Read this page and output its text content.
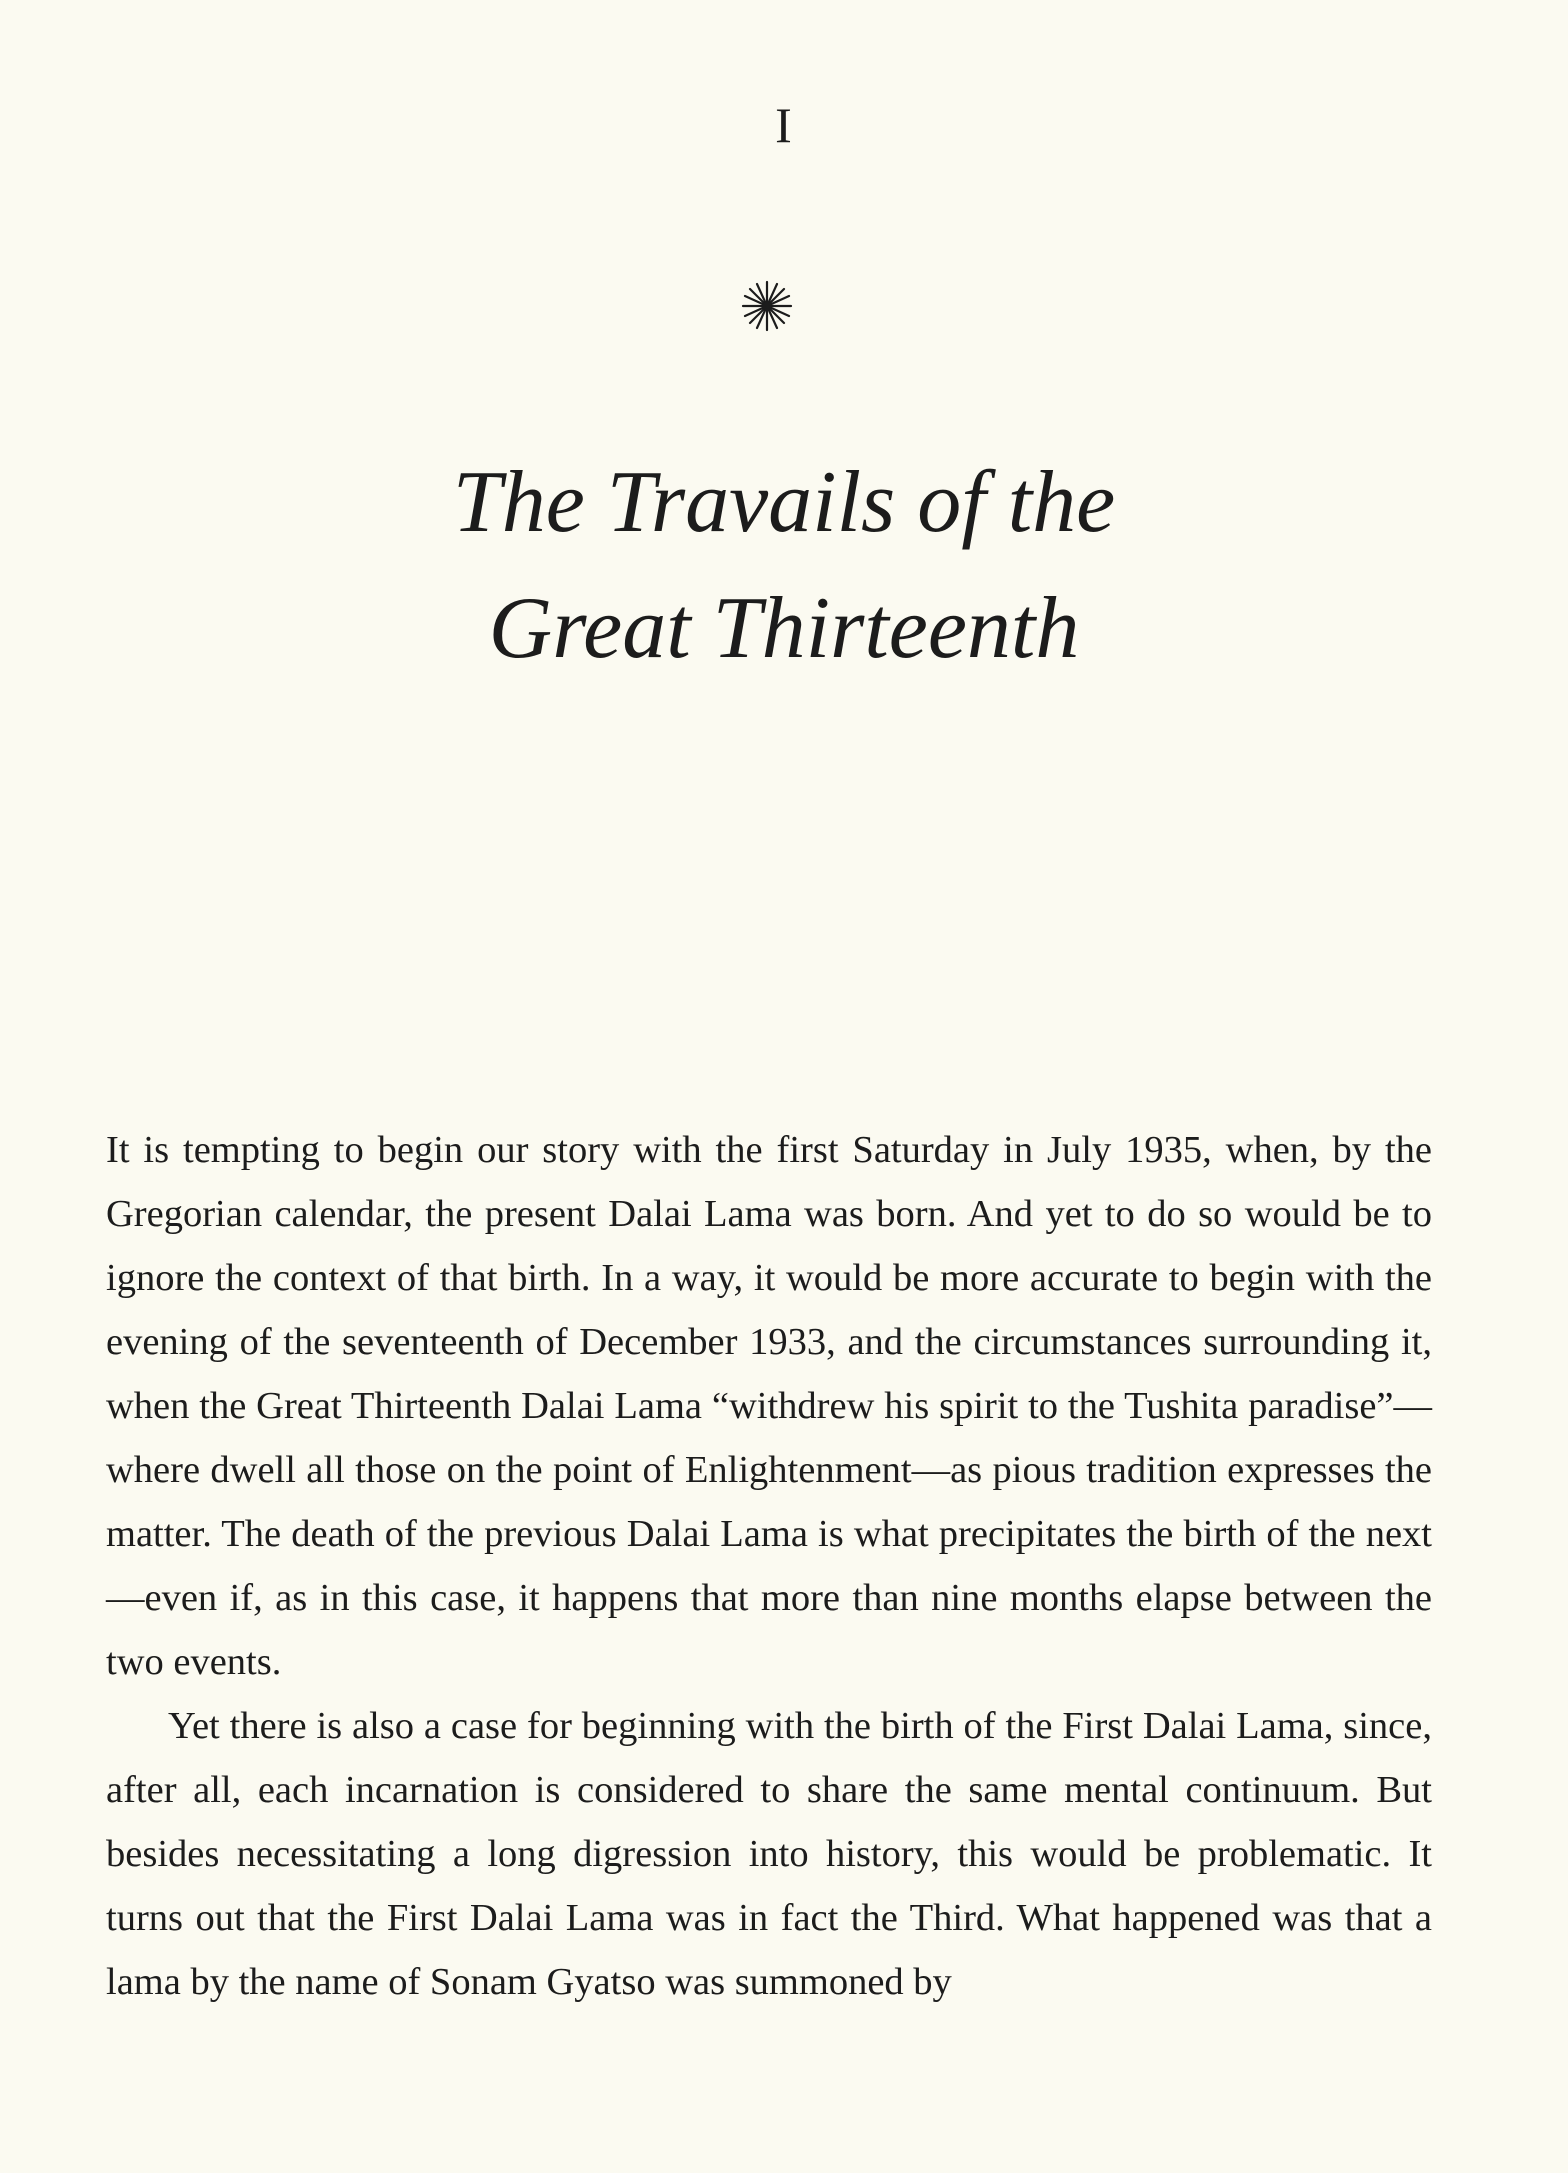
I
The Travails of the
Great Thirteenth

It is tempting to begin our story with the first Saturday in July 1935, when, by the Gregorian calendar, the present Dalai Lama was born. And yet to do so would be to ignore the context of that birth. In a way, it would be more accurate to begin with the evening of the seventeenth of December 1933, and the circumstances surrounding it, when the Great Thirteenth Dalai Lama “withdrew his spirit to the Tushita paradise”—where dwell all those on the point of Enlightenment—as pious tradition expresses the matter. The death of the previous Dalai Lama is what precipitates the birth of the next —even if, as in this case, it happens that more than nine months elapse between the two events.

Yet there is also a case for beginning with the birth of the First Dalai Lama, since, after all, each incarnation is considered to share the same mental continuum. But besides necessitating a long digression into history, this would be problematic. It turns out that the First Dalai Lama was in fact the Third. What happened was that a lama by the name of Sonam Gyatso was summoned by
